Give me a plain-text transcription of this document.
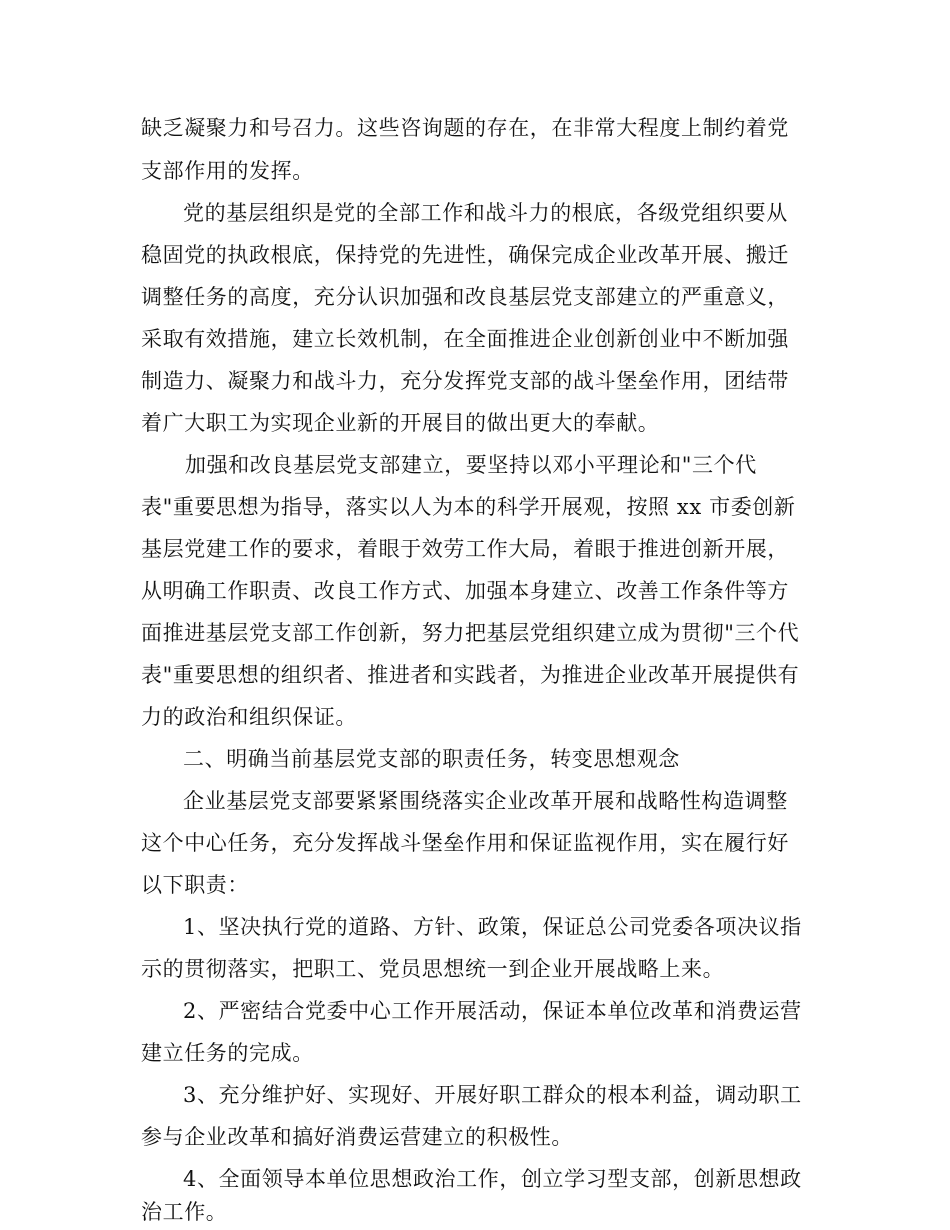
缺乏凝聚力和号召力。这些咨询题的存在，在非常大程度上制约着党
支部作用的发挥。
党的基层组织是党的全部工作和战斗力的根底，各级党组织要从
稳固党的执政根底，保持党的先进性，确保完成企业改革开展、搬迁
调整任务的高度，充分认识加强和改良基层党支部建立的严重意义，
采取有效措施，建立长效机制，在全面推进企业创新创业中不断加强
制造力、凝聚力和战斗力，充分发挥党支部的战斗堡垒作用，团结带
着广大职工为实现企业新的开展目的做出更大的奉献。
加强和改良基层党支部建立，要坚持以邓小平理论和"三个代
表"重要思想为指导，落实以人为本的科学开展观，按照 xx 市委创新
基层党建工作的要求，着眼于效劳工作大局，着眼于推进创新开展，
从明确工作职责、改良工作方式、加强本身建立、改善工作条件等方
面推进基层党支部工作创新，努力把基层党组织建立成为贯彻"三个代
表"重要思想的组织者、推进者和实践者，为推进企业改革开展提供有
力的政治和组织保证。
二、明确当前基层党支部的职责任务，转变思想观念
企业基层党支部要紧紧围绕落实企业改革开展和战略性构造调整
这个中心任务，充分发挥战斗堡垒作用和保证监视作用，实在履行好
以下职责：
1、坚决执行党的道路、方针、政策，保证总公司党委各项决议指
示的贯彻落实，把职工、党员思想统一到企业开展战略上来。
2、严密结合党委中心工作开展活动，保证本单位改革和消费运营
建立任务的完成。
3、充分维护好、实现好、开展好职工群众的根本利益，调动职工
参与企业改革和搞好消费运营建立的积极性。
4、全面领导本单位思想政治工作，创立学习型支部，创新思想政
治工作。
